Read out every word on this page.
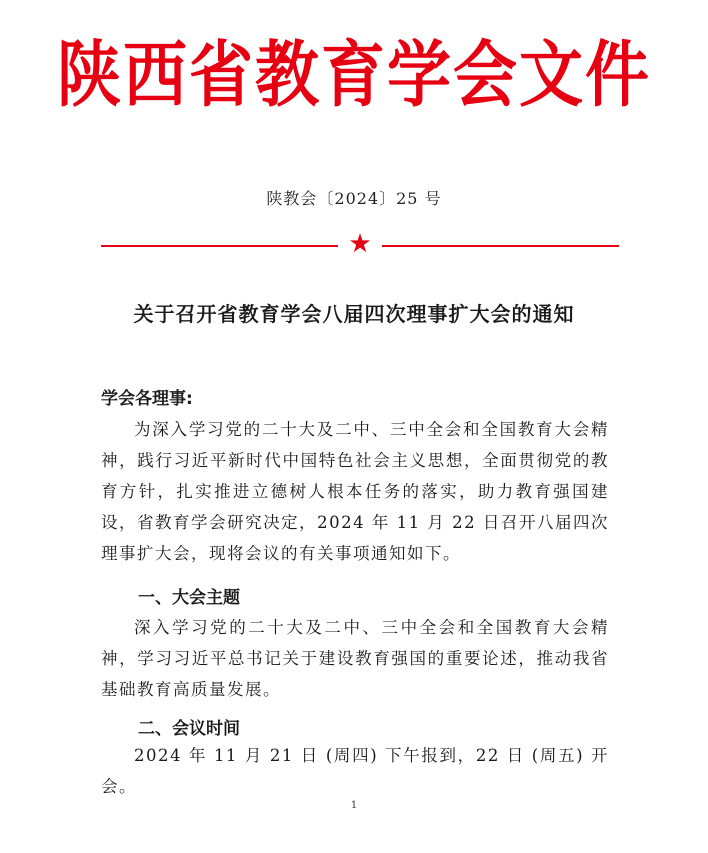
陕西省教育学会文件
陕教会〔2024〕25 号
★
关于召开省教育学会八届四次理事扩大会的通知
学会各理事:
为深入学习党的二十大及二中、三中全会和全国教育大会精神，践行习近平新时代中国特色社会主义思想，全面贯彻党的教育方针，扎实推进立德树人根本任务的落实，助力教育强国建设，省教育学会研究决定，2024 年 11 月 22 日召开八届四次理事扩大会，现将会议的有关事项通知如下。
一、大会主题
深入学习党的二十大及二中、三中全会和全国教育大会精神，学习习近平总书记关于建设教育强国的重要论述，推动我省基础教育高质量发展。
二、会议时间
2024 年 11 月 21 日 (周四) 下午报到，22 日 (周五) 开会。
1
